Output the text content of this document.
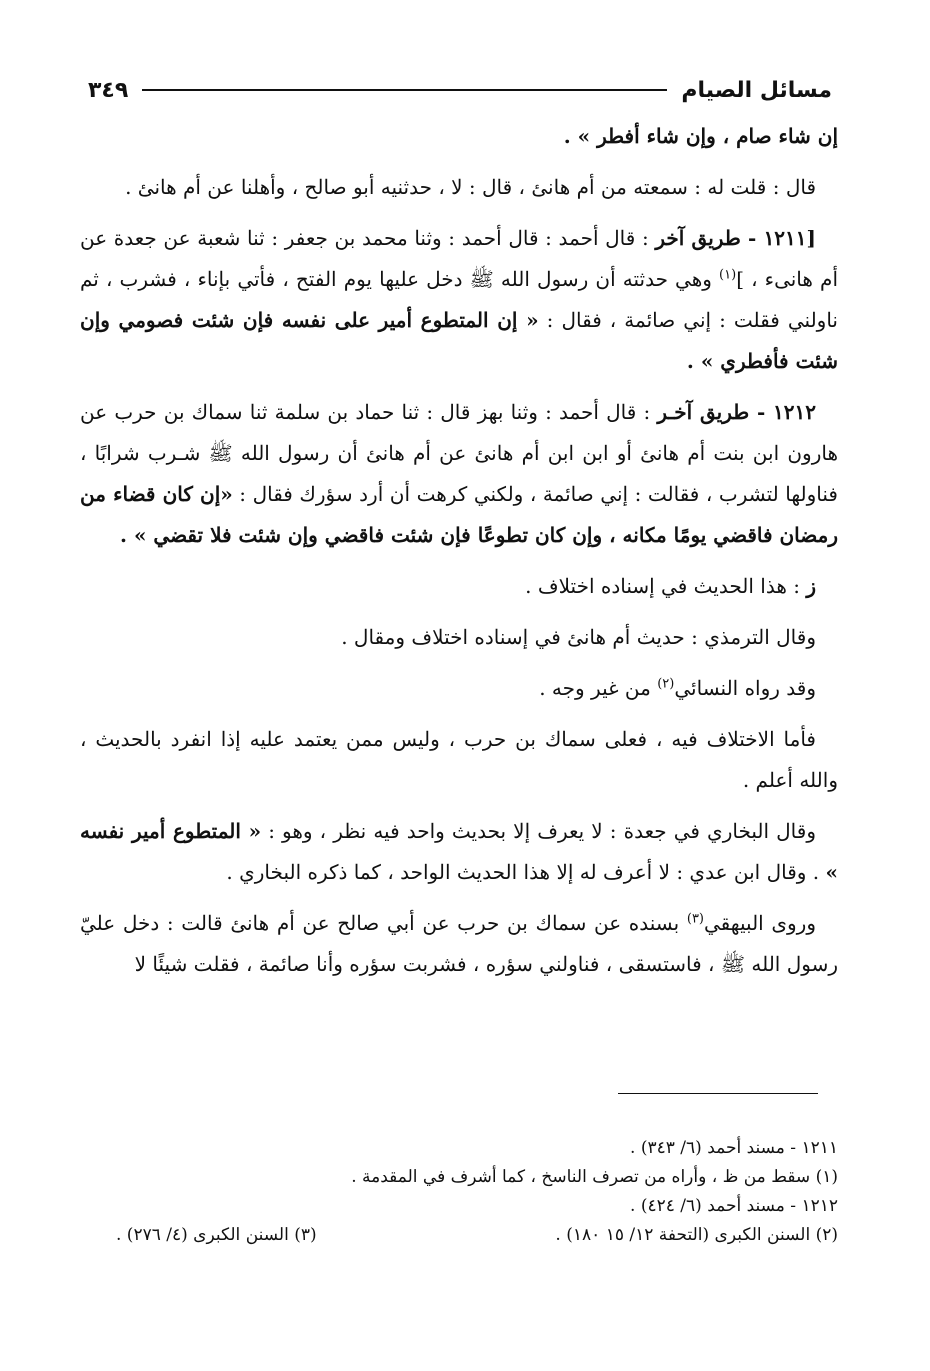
مسائل الصيام
٣٤٩

إن شاء صام ، وإن شاء أفطر » .

قال : قلت له : سمعته من أم هانئ ، قال : لا ، حدثنيه أبو صالح ، وأهلنا عن أم هانئ .

[١٢١١ - طريق آخر : قال أحمد : قال أحمد : وثنا محمد بن جعفر : ثنا شعبة عن جعدة عن أم هانىء ، ]$^{(١)}$ وهي حدثته أن رسول الله ﷺ دخل عليها يوم الفتح ، فأتي بإناء ، فشرب ، ثم ناولني فقلت : إني صائمة ، فقال : « إن المتطوع أمير على نفسه فإن شئت فصومي وإن شئت فأفطري » .

١٢١٢ - طريق آخـر : قال أحمد : وثنا بهز قال : ثنا حماد بن سلمة ثنا سماك بن حرب عن هارون ابن بنت أم هانئ أو ابن ابن أم هانئ عن أم هانئ أن رسول الله ﷺ شـرب شرابًا ، فناولها لتشرب ، فقالت : إني صائمة ، ولكني كرهت أن أرد سؤرك فقال : «إن كان قضاء من رمضان فاقضي يومًا مكانه ، وإن كان تطوعًا فإن شئت فاقضي وإن شئت فلا تقضي » .

ز : هذا الحديث في إسناده اختلاف .

وقال الترمذي : حديث أم هانئ في إسناده اختلاف ومقال .

وقد رواه النسائي$^{(٢)}$ من غير وجه .

فأما الاختلاف فيه ، فعلى سماك بن حرب ، وليس ممن يعتمد عليه إذا انفرد بالحديث ، والله أعلم .

وقال البخاري في جعدة : لا يعرف إلا بحديث واحد فيه نظر ، وهو : « المتطوع أمير نفسه » . وقال ابن عدي : لا أعرف له إلا هذا الحديث الواحد ، كما ذكره البخاري .

وروى البيهقي$^{(٣)}$ بسنده عن سماك بن حرب عن أبي صالح عن أم هانئ قالت : دخل عليّ رسول الله ﷺ ، فاستسقى ، فناولني سؤره ، فشربت سؤره وأنا صائمة ، فقلت شيئًا لا

١٢١١ - مسند أحمد (٦/ ٣٤٣) .

(١) سقط من ظ ، وأراه من تصرف الناسخ ، كما أشرف في المقدمة .

١٢١٢ - مسند أحمد (٦/ ٤٢٤) .

(٢) السنن الكبرى (التحفة ١٢/ ١٥ ١٨٠) .
(٣) السنن الكبرى (٤/ ٢٧٦) .
